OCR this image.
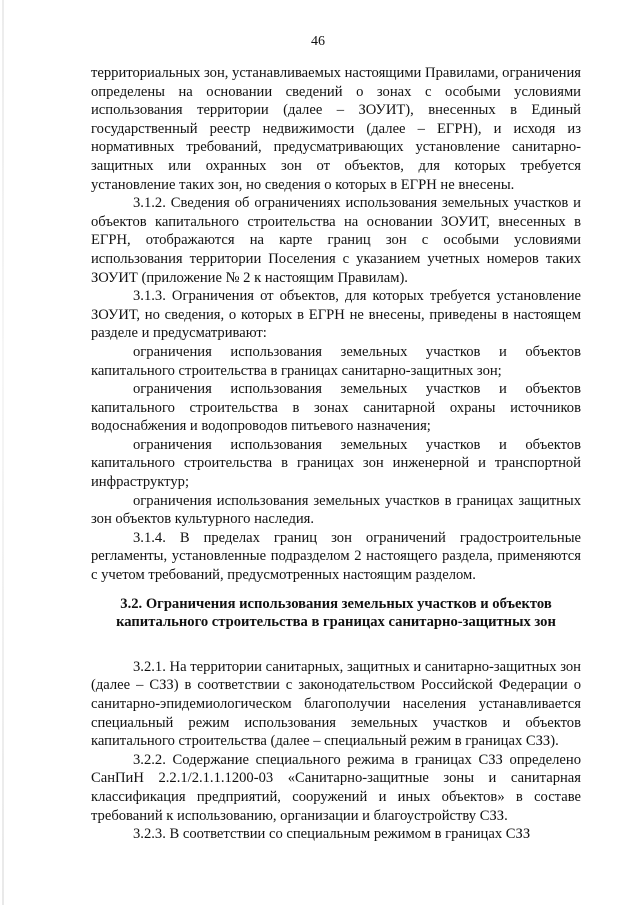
46

территориальных зон, устанавливаемых настоящими Правилами, ограничения определены на основании сведений о зонах с особыми условиями использования территории (далее – ЗОУИТ), внесенных в Единый государственный реестр недвижимости (далее – ЕГРН), и исходя из нормативных требований, предусматривающих установление санитарно-защитных или охранных зон от объектов, для которых требуется установление таких зон, но сведения о которых в ЕГРН не внесены.

3.1.2. Сведения об ограничениях использования земельных участков и объектов капитального строительства на основании ЗОУИТ, внесенных в ЕГРН, отображаются на карте границ зон с особыми условиями использования территории Поселения с указанием учетных номеров таких ЗОУИТ (приложение № 2 к настоящим Правилам).

3.1.3. Ограничения от объектов, для которых требуется установление ЗОУИТ, но сведения, о которых в ЕГРН не внесены, приведены в настоящем разделе и предусматривают:

ограничения использования земельных участков и объектов капитального строительства в границах санитарно-защитных зон;

ограничения использования земельных участков и объектов капитального строительства в зонах санитарной охраны источников водоснабжения и водопроводов питьевого назначения;

ограничения использования земельных участков и объектов капитального строительства в границах зон инженерной и транспортной инфраструктур;

ограничения использования земельных участков в границах защитных зон объектов культурного наследия.

3.1.4. В пределах границ зон ограничений градостроительные регламенты, установленные подразделом 2 настоящего раздела, применяются с учетом требований, предусмотренных настоящим разделом.

3.2. Ограничения использования земельных участков и объектов
капитального строительства в границах санитарно-защитных зон

3.2.1. На территории санитарных, защитных и санитарно-защитных зон (далее – СЗЗ) в соответствии с законодательством Российской Федерации о санитарно-эпидемиологическом благополучии населения устанавливается специальный режим использования земельных участков и объектов капитального строительства (далее – специальный режим в границах СЗЗ).

3.2.2. Содержание специального режима в границах СЗЗ определено СанПиН 2.2.1/2.1.1.1200-03 «Санитарно-защитные зоны и санитарная классификация предприятий, сооружений и иных объектов» в составе требований к использованию, организации и благоустройству СЗЗ.

3.2.3. В соответствии со специальным режимом в границах СЗЗ
